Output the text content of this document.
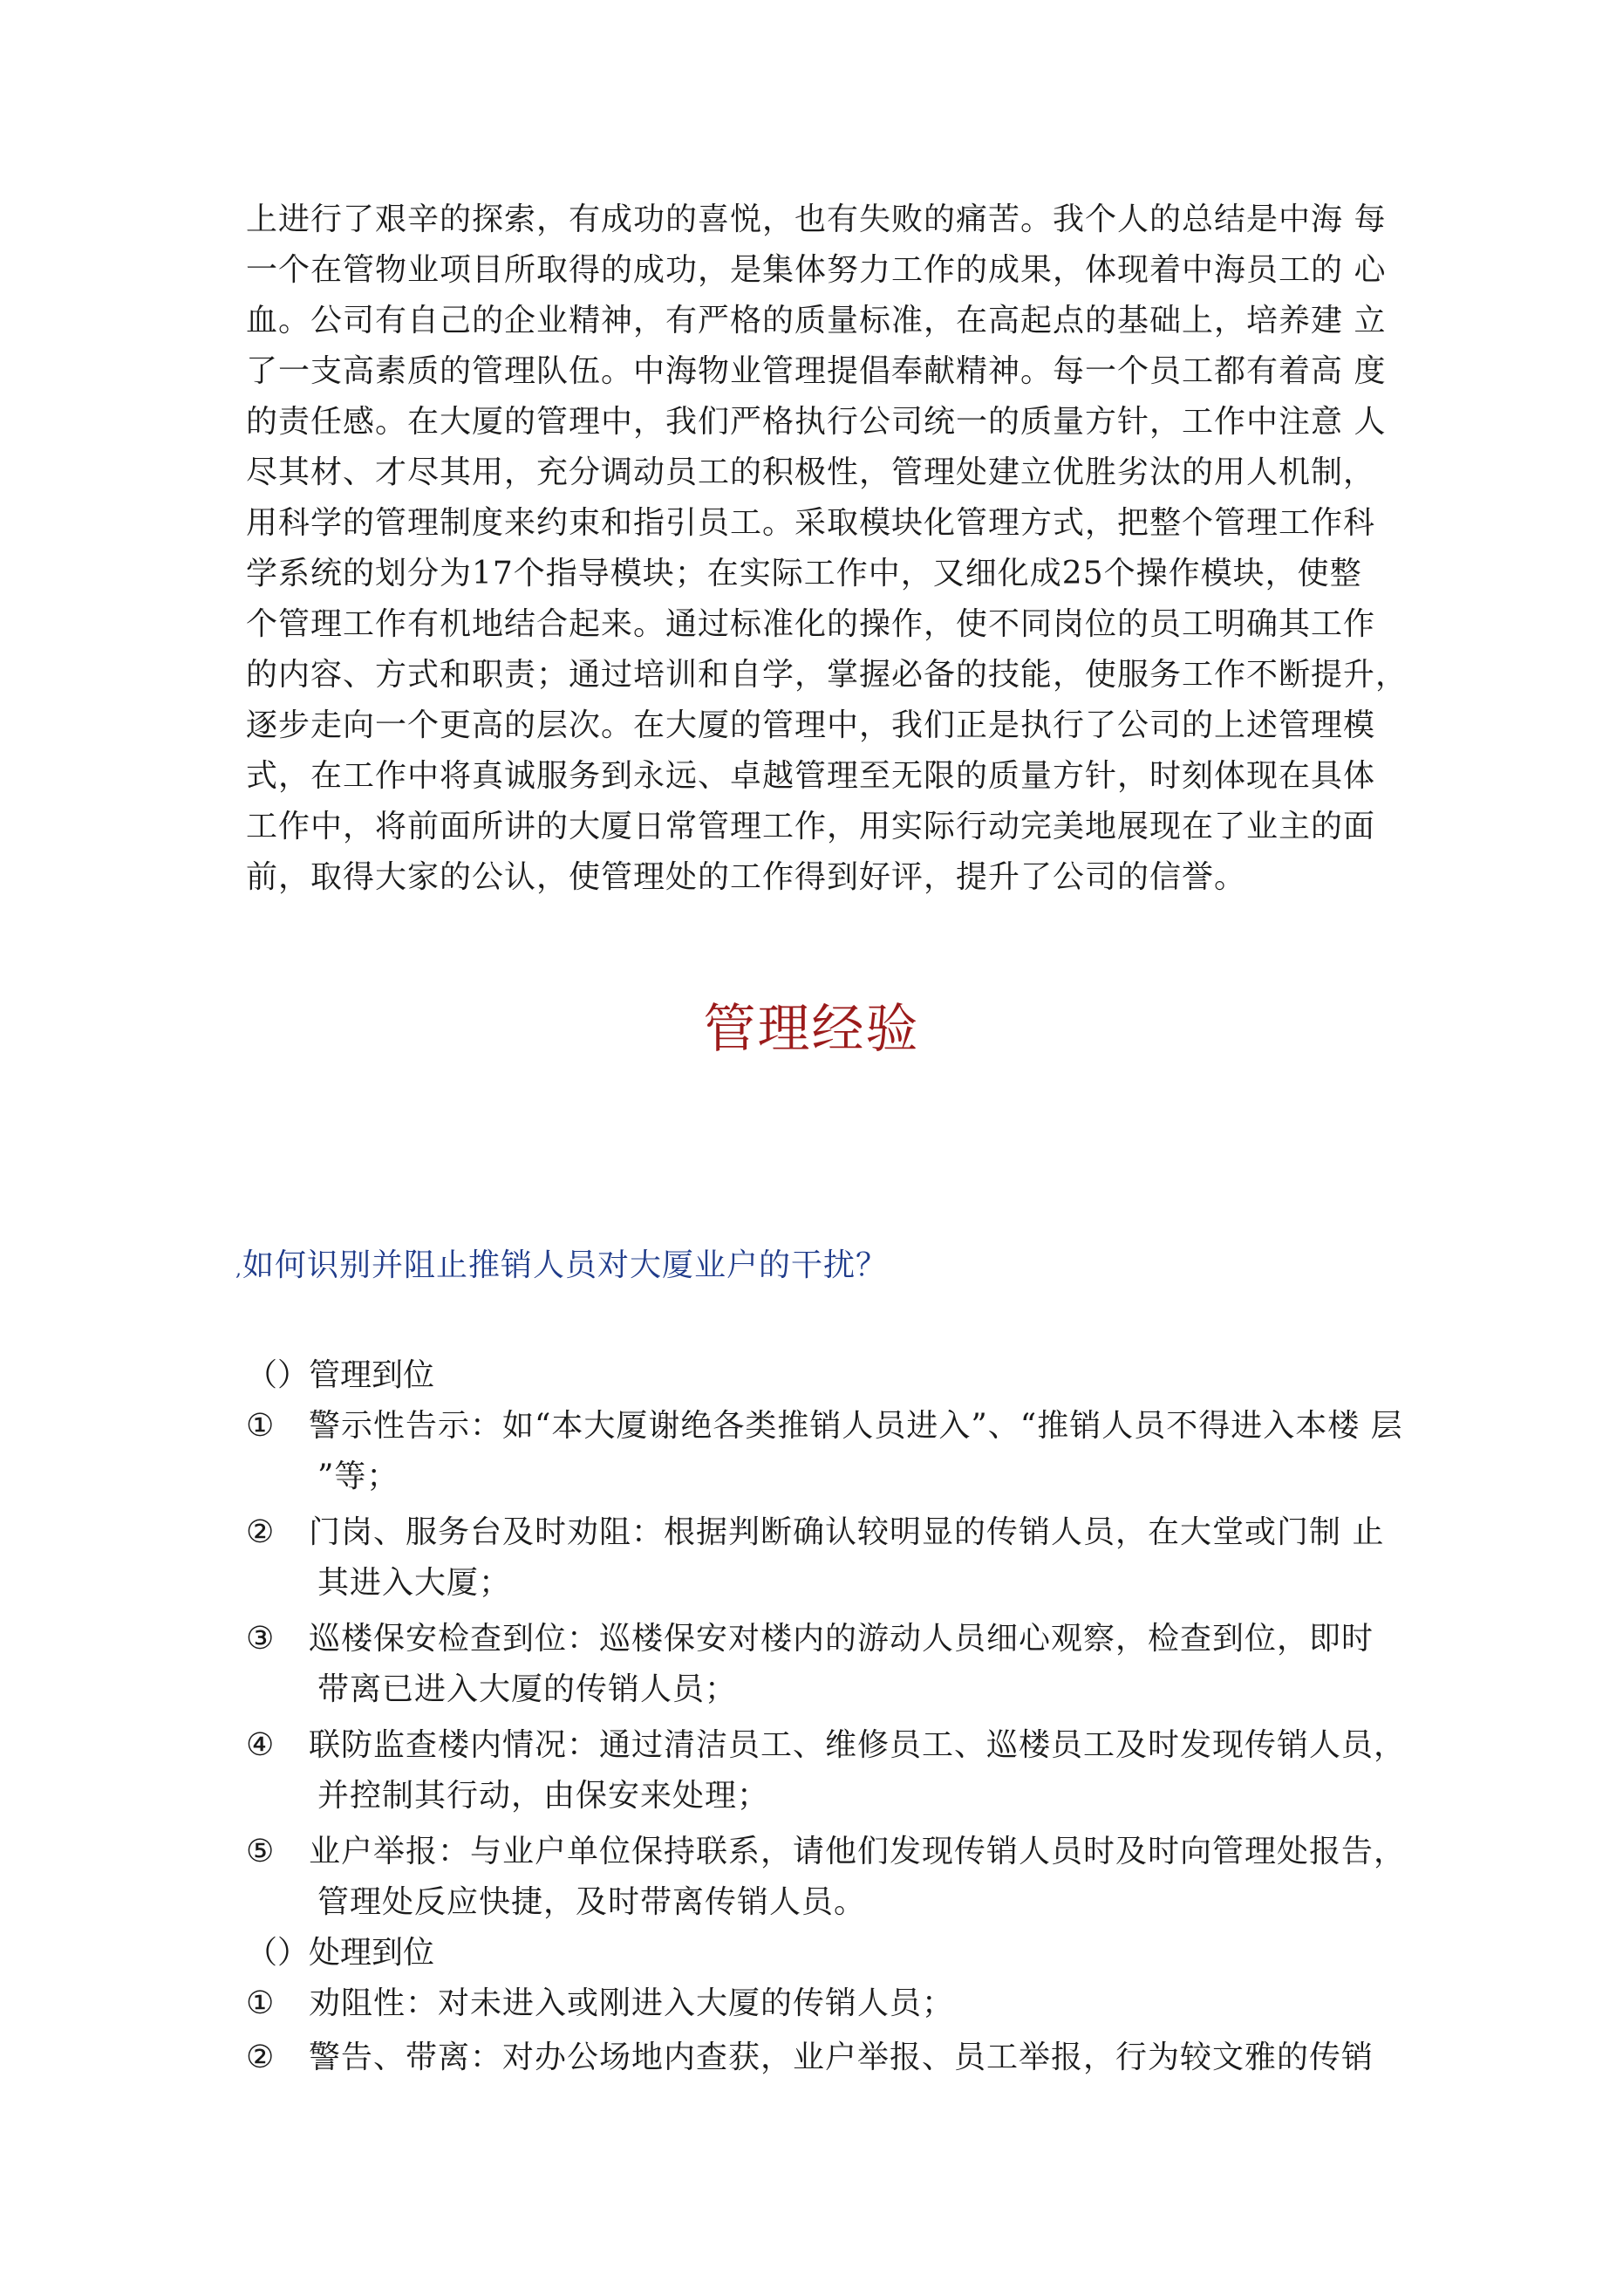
上进行了艰辛的探索，有成功的喜悦，也有失败的痛苦。我个人的总结是中海 每
一个在管物业项目所取得的成功，是集体努力工作的成果，体现着中海员工的 心
血。公司有自己的企业精神，有严格的质量标准，在高起点的基础上，培养建 立
了一支高素质的管理队伍。中海物业管理提倡奉献精神。每一个员工都有着高 度
的责任感。在大厦的管理中，我们严格执行公司统一的质量方针，工作中注意 人
尽其材、才尽其用，充分调动员工的积极性，管理处建立优胜劣汰的用人机制，
用科学的管理制度来约束和指引员工。采取模块化管理方式，把整个管理工作科
学系统的划分为17个指导模块；在实际工作中，又细化成25个操作模块，使整
个管理工作有机地结合起来。通过标准化的操作，使不同岗位的员工明确其工作
的内容、方式和职责；通过培训和自学，掌握必备的技能，使服务工作不断提升，
逐步走向一个更高的层次。在大厦的管理中，我们正是执行了公司的上述管理模
式，在工作中将真诚服务到永远、卓越管理至无限的质量方针，时刻体现在具体
工作中，将前面所讲的大厦日常管理工作，用实际行动完美地展现在了业主的面
前，取得大家的公认，使管理处的工作得到好评，提升了公司的信誉。
管理经验
,如何识别并阻止推销人员对大厦业户的干扰？
（）管理到位
① 警示性告示：如“本大厦谢绝各类推销人员进入”、“推销人员不得进入本楼 层
”等；
② 门岗、服务台及时劝阻：根据判断确认较明显的传销人员，在大堂或门制 止
其进入大厦；
③ 巡楼保安检查到位：巡楼保安对楼内的游动人员细心观察，检查到位，即时
带离已进入大厦的传销人员；
④ 联防监查楼内情况：通过清洁员工、维修员工、巡楼员工及时发现传销人员，
并控制其行动，由保安来处理；
⑤ 业户举报：与业户单位保持联系，请他们发现传销人员时及时向管理处报告，
管理处反应快捷，及时带离传销人员。
（）处理到位
① 劝阻性：对未进入或刚进入大厦的传销人员；
② 警告、带离：对办公场地内查获，业户举报、员工举报，行为较文雅的传销
